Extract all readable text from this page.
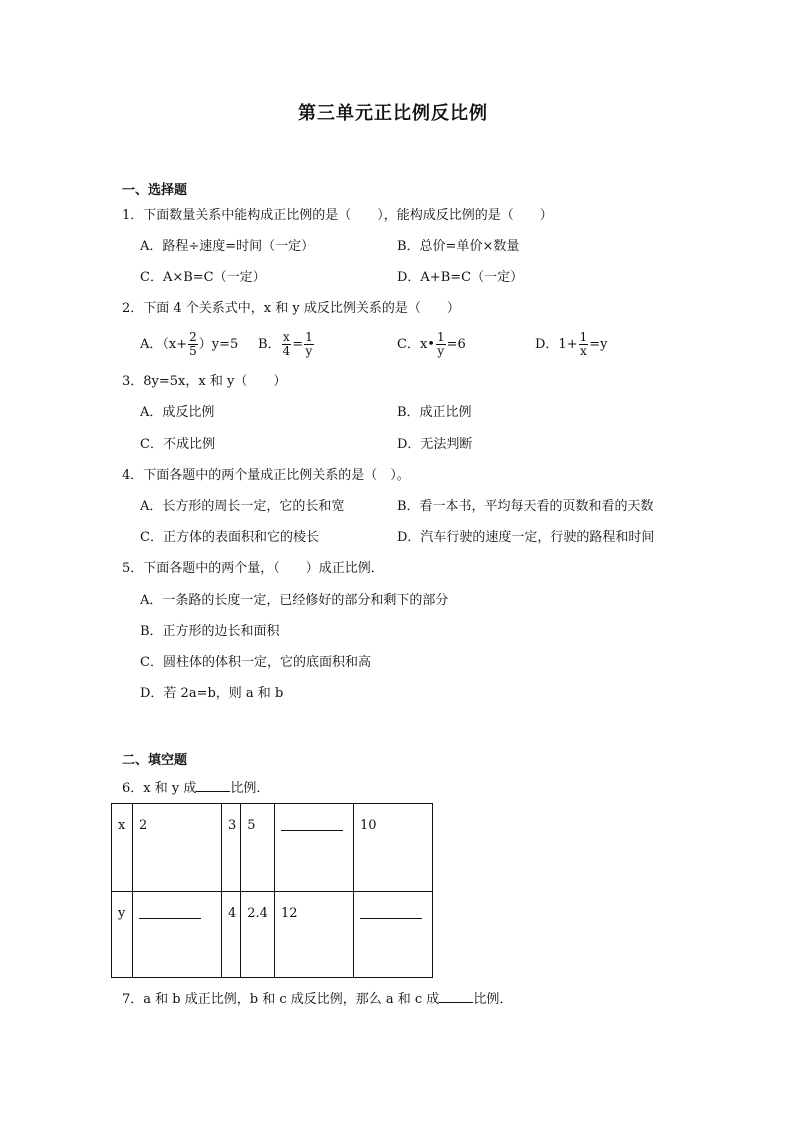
第三单元正比例反比例
一、选择题
1．下面数量关系中能构成正比例的是（　　），能构成反比例的是（　　）
A．路程÷速度=时间（一定）	B．总价=单价×数量
C．A×B=C（一定）	D．A+B=C（一定）
2．下面 4 个关系式中，x 和 y 成反比例关系的是（　　）
A．$(x+ \frac{2}{5} )y=5$ B． $\frac{x}{4} = \frac{1}{y}$	C．x• $\frac{1}{y} =6$	D．$1+ \frac{1}{x} =y$
3．8y=5x，x 和 y（　　）
A．成反比例	B．成正比例
C．不成比例	D．无法判断
4．下面各题中的两个量成正比例关系的是（　）。
A．长方形的周长一定，它的长和宽	B．看一本书，平均每天看的页数和看的天数
C．正方体的表面积和它的棱长	D．汽车行驶的速度一定，行驶的路程和时间
5．下面各题中的两个量，（　　）成正比例．
A．一条路的长度一定，已经修好的部分和剩下的部分
B．正方形的边长和面积
C．圆柱体的体积一定，它的底面积和高
D．若 2a=b，则 a 和 b
二、填空题
6．x 和 y 成	比例．
x	2	3	5		10
y		4	2.4	12	
7．a 和 b 成正比例，b 和 c 成反比例，那么 a 和 c 成	比例．
